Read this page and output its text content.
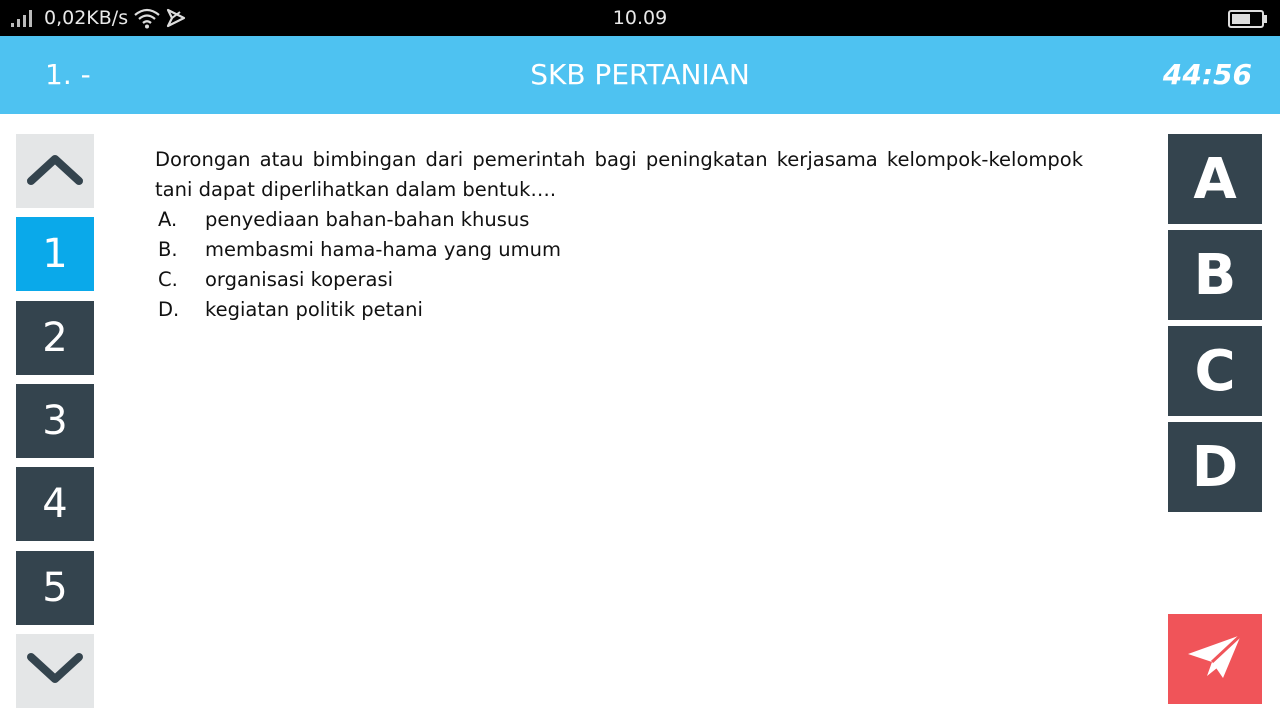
0,02KB/s	10.09
1. -	SKB PERTANIAN	44:56
1
2
3
4
5
Dorongan atau bimbingan dari pemerintah bagi peningkatan kerjasama kelompok-kelompok tani dapat diperlihatkan dalam bentuk….
A.	penyediaan bahan-bahan khusus
B.	membasmi hama-hama yang umum
C.	organisasi koperasi
D.	kegiatan politik petani
A
B
C
D
